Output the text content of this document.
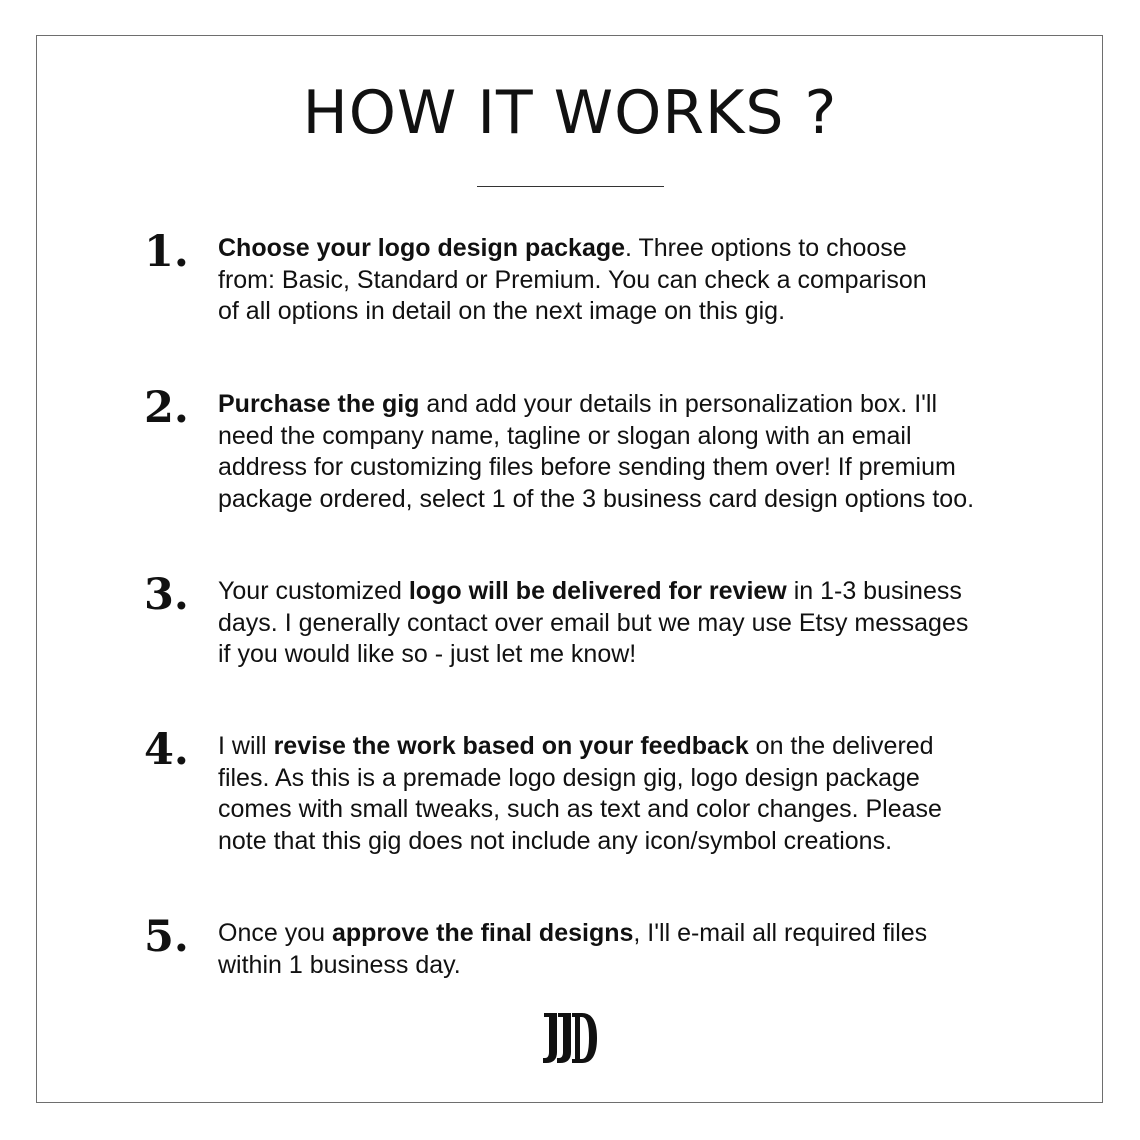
HOW IT WORKS ?
1. Choose your logo design package. Three options to choose
from: Basic, Standard or Premium. You can check a comparison
of all options in detail on the next image on this gig.

2. Purchase the gig and add your details in personalization box. I'll
need the company name, tagline or slogan along with an email
address for customizing files before sending them over! If premium
package ordered, select 1 of the 3 business card design options too.

3. Your customized logo will be delivered for review in 1-3 business
days. I generally contact over email but we may use Etsy messages
if you would like so - just let me know!

4. I will revise the work based on your feedback on the delivered
files. As this is a premade logo design gig, logo design package
comes with small tweaks, such as text and color changes. Please
note that this gig does not include any icon/symbol creations.

5. Once you approve the final designs, I'll e-mail all required files
within 1 business day.
